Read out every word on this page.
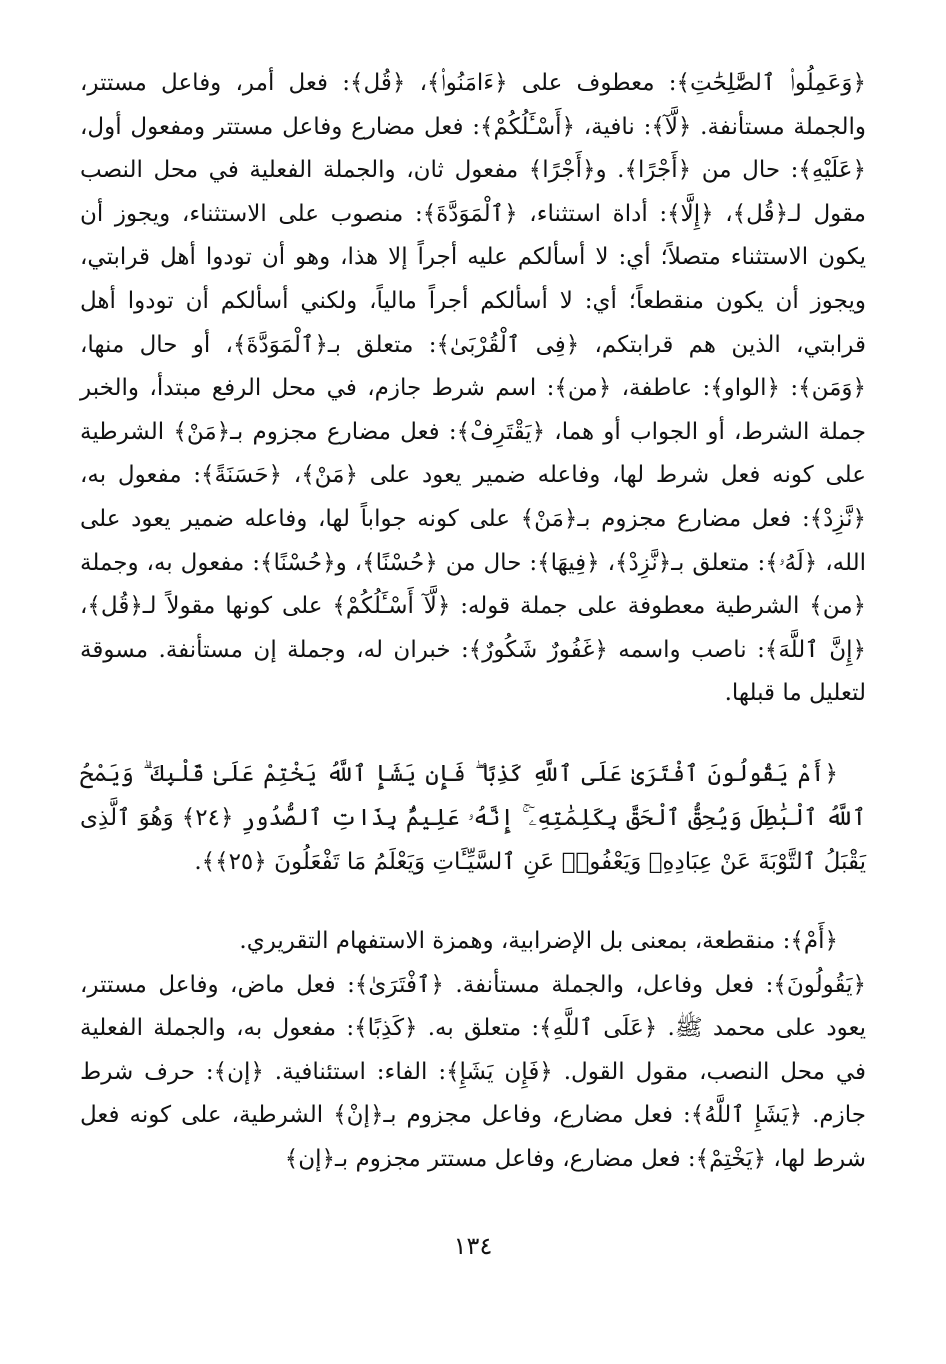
﴿وَعَمِلُوا۟ ٱلصَّٰلِحَٰتِ﴾: معطوف على ﴿ءَامَنُوا۟﴾، ﴿قُل﴾: فعل أمر، وفاعل مستتر، والجملة مستأنفة. ﴿لَّآ﴾: نافية، ﴿أَسْـَٔلُكُمْ﴾: فعل مضارع وفاعل مستتر ومفعول أول، ﴿عَلَيْهِ﴾: حال من ﴿أَجْرًا﴾. و﴿أَجْرًا﴾ مفعول ثان، والجملة الفعلية في محل النصب مقول لـ﴿قُل﴾، ﴿إِلَّا﴾: أداة استثناء، ﴿ٱلْمَوَدَّةَ﴾: منصوب على الاستثناء، ويجوز أن يكون الاستثناء متصلاً؛ أي: لا أسألكم عليه أجراً إلا هذا، وهو أن تودوا أهل قرابتي، ويجوز أن يكون منقطعاً؛ أي: لا أسألكم أجراً مالياً، ولكني أسألكم أن تودوا أهل قرابتي، الذين هم قرابتكم، ﴿فِى ٱلْقُرْبَىٰ﴾: متعلق بـ﴿ٱلْمَوَدَّةَ﴾، أو حال منها، ﴿وَمَن﴾: ﴿الواو﴾: عاطفة، ﴿من﴾: اسم شرط جازم، في محل الرفع مبتدأ، والخبر جملة الشرط، أو الجواب أو هما، ﴿يَقْتَرِفْ﴾: فعل مضارع مجزوم بـ﴿مَنْ﴾ الشرطية على كونه فعل شرط لها، وفاعله ضمير يعود على ﴿مَنْ﴾، ﴿حَسَنَةً﴾: مفعول به، ﴿نَّزِدْ﴾: فعل مضارع مجزوم بـ﴿مَنْ﴾ على كونه جواباً لها، وفاعله ضمير يعود على الله، ﴿لَهُۥ﴾: متعلق بـ﴿نَّزِدْ﴾، ﴿فِيهَا﴾: حال من ﴿حُسْنًا﴾، و﴿حُسْنًا﴾: مفعول به، وجملة ﴿من﴾ الشرطية معطوفة على جملة قوله: ﴿لَّآ أَسْـَٔلُكُمْ﴾ على كونها مقولاً لـ﴿قُل﴾، ﴿إِنَّ ٱللَّهَ﴾: ناصب واسمه ﴿غَفُورٌ شَكُورٌ﴾: خبران له، وجملة إن مستأنفة. مسوقة لتعليل ما قبلها.

﴿أَمْ يَقُولُونَ ٱفْتَرَىٰ عَلَى ٱللَّهِ كَذِبًا ۖ فَإِن يَشَإِ ٱللَّهُ يَخْتِمْ عَلَىٰ قَلْبِكَ ۗ وَيَمْحُ ٱللَّهُ ٱلْبَٰطِلَ وَيُحِقُّ ٱلْحَقَّ بِكَلِمَٰتِهِۦٓ ۚ إِنَّهُۥ عَلِيمٌۢ بِذَاتِ ٱلصُّدُورِ ﴿٢٤﴾ وَهُوَ ٱلَّذِى يَقْبَلُ ٱلتَّوْبَةَ عَنْ عِبَادِهِۦ وَيَعْفُوا۟ عَنِ ٱلسَّيِّـَٔاتِ وَيَعْلَمُ مَا تَفْعَلُونَ ﴿٢٥﴾﴾.

﴿أَمْ﴾: منقطعة، بمعنى بل الإضرابية، وهمزة الاستفهام التقريري.

﴿يَقُولُونَ﴾: فعل وفاعل، والجملة مستأنفة. ﴿ٱفْتَرَىٰ﴾: فعل ماض، وفاعل مستتر، يعود على محمد ﷺ. ﴿عَلَى ٱللَّهِ﴾: متعلق به. ﴿كَذِبًا﴾: مفعول به، والجملة الفعلية في محل النصب، مقول القول. ﴿فَإِن يَشَإِ﴾: الفاء: استئنافية. ﴿إن﴾: حرف شرط جازم. ﴿يَشَإِ ٱللَّهُ﴾: فعل مضارع، وفاعل مجزوم بـ﴿إنْ﴾ الشرطية، على كونه فعل شرط لها، ﴿يَخْتِمْ﴾: فعل مضارع، وفاعل مستتر مجزوم بـ﴿إن﴾

١٣٤
